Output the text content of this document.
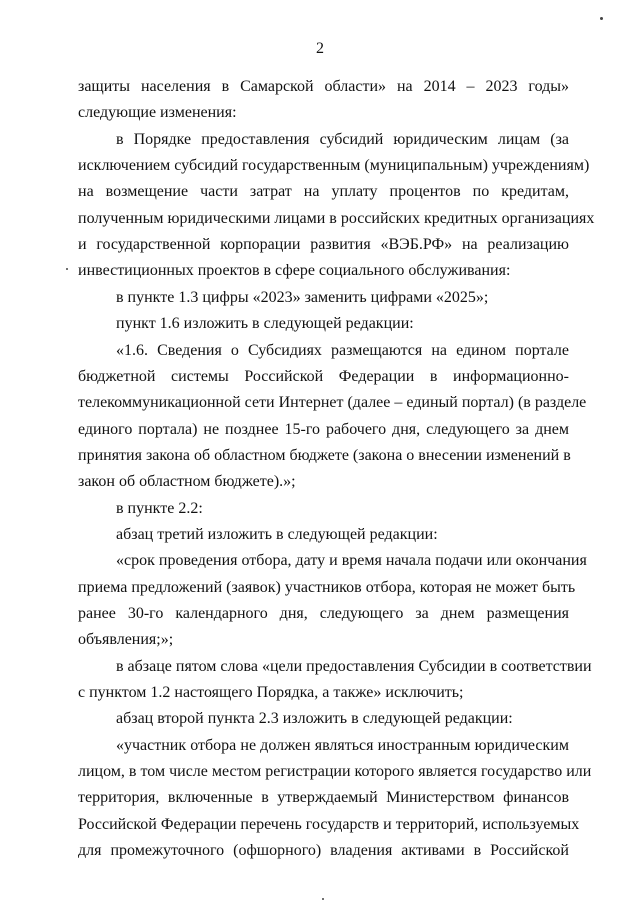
2
защиты населения в Самарской области» на 2014 – 2023 годы»
следующие изменения:
в Порядке предоставления субсидий юридическим лицам (за
исключением субсидий государственным (муниципальным) учреждениям)
на возмещение части затрат на уплату процентов по кредитам,
полученным юридическими лицами в российских кредитных организациях
и государственной корпорации развития «ВЭБ.РФ» на реализацию
инвестиционных проектов в сфере социального обслуживания:
в пункте 1.3 цифры «2023» заменить цифрами «2025»;
пункт 1.6 изложить в следующей редакции:
«1.6. Сведения о Субсидиях размещаются на едином портале
бюджетной системы Российской Федерации в информационно-
телекоммуникационной сети Интернет (далее – единый портал) (в разделе
единого портала) не позднее 15-го рабочего дня, следующего за днем
принятия закона об областном бюджете (закона о внесении изменений в
закон об областном бюджете).»;
в пункте 2.2:
абзац третий изложить в следующей редакции:
«срок проведения отбора, дату и время начала подачи или окончания
приема предложений (заявок) участников отбора, которая не может быть
ранее 30-го календарного дня, следующего за днем размещения
объявления;»;
в абзаце пятом слова «цели предоставления Субсидии в соответствии
с пунктом 1.2 настоящего Порядка, а также» исключить;
абзац второй пункта 2.3 изложить в следующей редакции:
«участник отбора не должен являться иностранным юридическим
лицом, в том числе местом регистрации которого является государство или
территория, включенные в утверждаемый Министерством финансов
Российской Федерации перечень государств и территорий, используемых
для промежуточного (офшорного) владения активами в Российской
